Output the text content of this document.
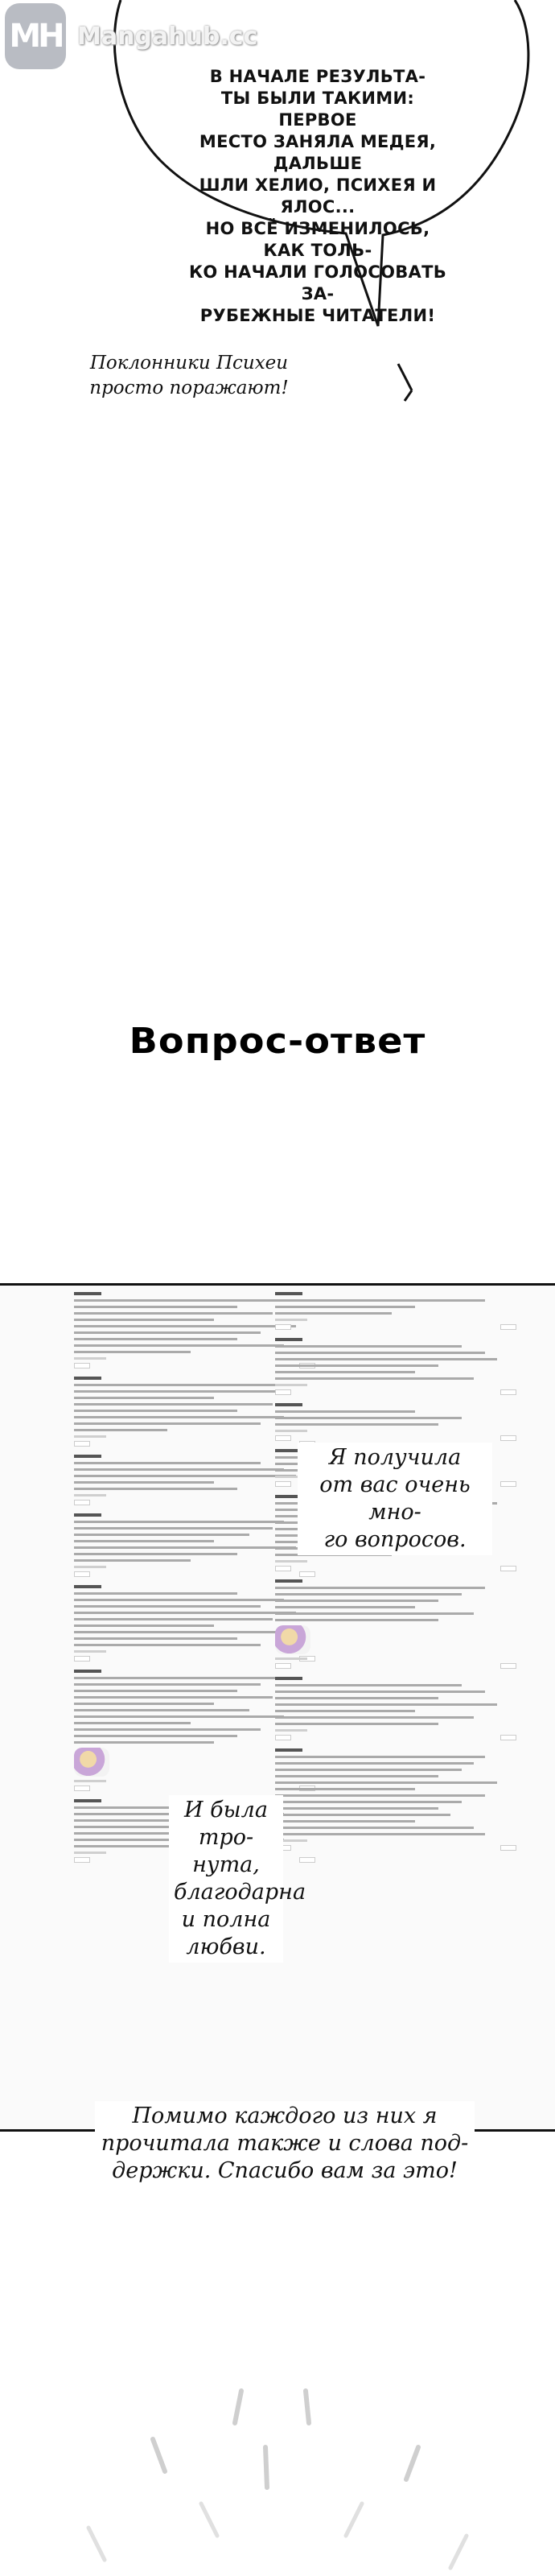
MH Mangahub.cc
В НАЧАЛЕ РЕЗУЛЬТА-
ТЫ БЫЛИ ТАКИМИ: ПЕРВОЕ
МЕСТО ЗАНЯЛА МЕДЕЯ, ДАЛЬШЕ
ШЛИ ХЕЛИО, ПСИХЕЯ И ЯЛОС...
НО ВСЁ ИЗМЕНИЛОСЬ, КАК ТОЛЬ-
КО НАЧАЛИ ГОЛОСОВАТЬ ЗА-
РУБЕЖНЫЕ ЧИТАТЕЛИ!
Поклонники Психеи
просто поражают!
Вопрос-ответ
Я получила
от вас очень мно-
го вопросов.
И была тро-
нута, благодарна
и полна любви.
Помимо каждого из них я
прочитала также и слова под-
держки. Спасибо вам за это!
